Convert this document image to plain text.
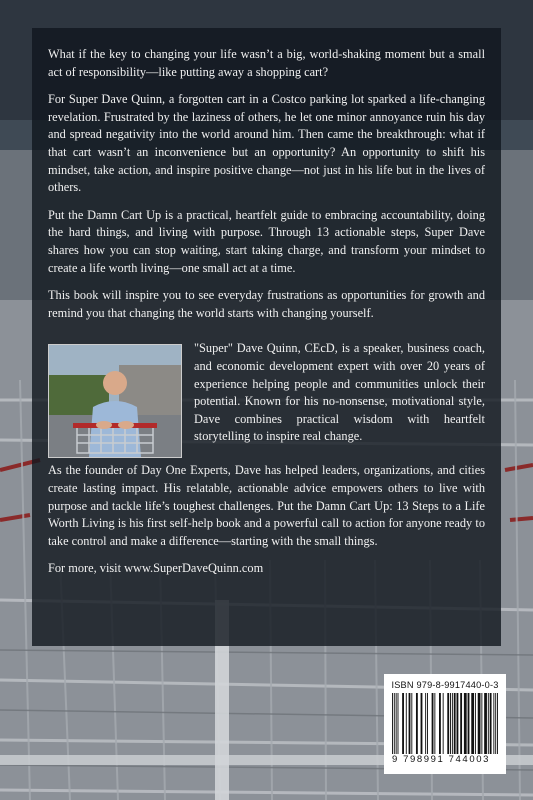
What if the key to changing your life wasn’t a big, world-shaking moment but a small act of responsibility—like putting away a shopping cart?

For Super Dave Quinn, a forgotten cart in a Costco parking lot sparked a life-changing revelation. Frustrated by the laziness of others, he let one minor annoyance ruin his day and spread negativity into the world around him. Then came the breakthrough: what if that cart wasn’t an inconvenience but an opportunity? An opportunity to shift his mindset, take action, and inspire positive change—not just in his life but in the lives of others.

Put the Damn Cart Up is a practical, heartfelt guide to embracing accountability, doing the hard things, and living with purpose. Through 13 actionable steps, Super Dave shares how you can stop waiting, start taking charge, and transform your mindset to create a life worth living—one small act at a time.

This book will inspire you to see everyday frustrations as opportunities for growth and remind you that changing the world starts with changing yourself.

"Super" Dave Quinn, CEcD, is a speaker, business coach, and economic development expert with over 20 years of experience helping people and communities unlock their potential. Known for his no-nonsense, motivational style, Dave combines practical wisdom with heartfelt storytelling to inspire real change.

As the founder of Day One Experts, Dave has helped leaders, organizations, and cities create lasting impact. His relatable, actionable advice empowers others to live with purpose and tackle life’s toughest challenges. Put the Damn Cart Up: 13 Steps to a Life Worth Living is his first self-help book and a powerful call to action for anyone ready to take control and make a difference—starting with the small things.

For more, visit www.SuperDaveQuinn.com

ISBN 979-8-9917440-0-3
9 798991 744003
